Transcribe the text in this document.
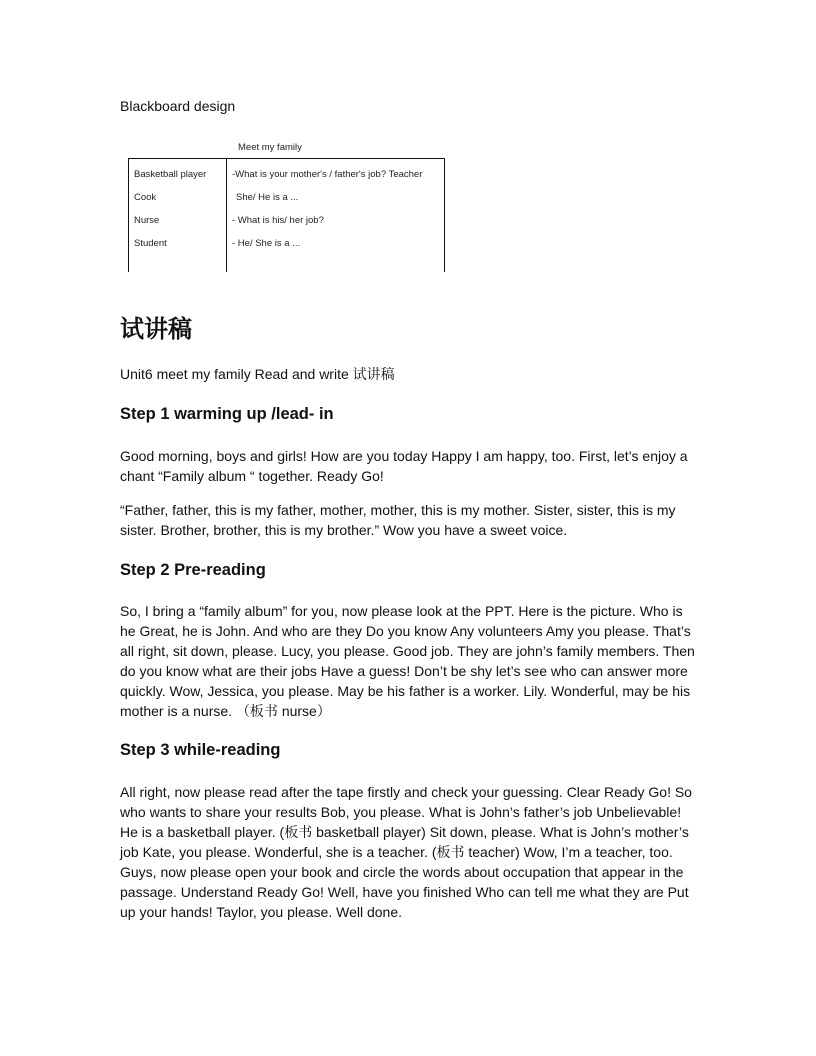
Blackboard design

Meet my family
Basketball player
Cook
Nurse
Student
-What is your mother's / father's job? Teacher
She/ He is a ...
- What is his/ her job?
- He/ She is a ...
试讲稿

Unit6 meet my family Read and write 试讲稿

Step 1 warming up /lead- in

Good morning, boys and girls! How are you today Happy I am happy, too. First, let’s enjoy a chant “Family album “ together. Ready Go!

“Father, father, this is my father, mother, mother, this is my mother. Sister, sister, this is my sister. Brother, brother, this is my brother.” Wow you have a sweet voice.

Step 2 Pre-reading

So, I bring a “family album” for you, now please look at the PPT. Here is the picture. Who is he Great, he is John. And who are they Do you know Any volunteers Amy you please. That’s all right, sit down, please. Lucy, you please. Good job. They are john’s family members. Then do you know what are their jobs Have a guess! Don’t be shy let’s see who can answer more quickly. Wow, Jessica, you please. May be his father is a worker. Lily. Wonderful, may be his mother is a nurse. （板书 nurse）

Step 3 while-reading

All right, now please read after the tape firstly and check your guessing. Clear Ready Go! So who wants to share your results Bob, you please. What is John’s father’s job Unbelievable! He is a basketball player. (板书 basketball player) Sit down, please. What is John’s mother’s job Kate, you please. Wonderful, she is a teacher. (板书 teacher) Wow, I’m a teacher, too. Guys, now please open your book and circle the words about occupation that appear in the passage. Understand Ready Go! Well, have you finished Who can tell me what they are Put up your hands! Taylor, you please. Well done.
